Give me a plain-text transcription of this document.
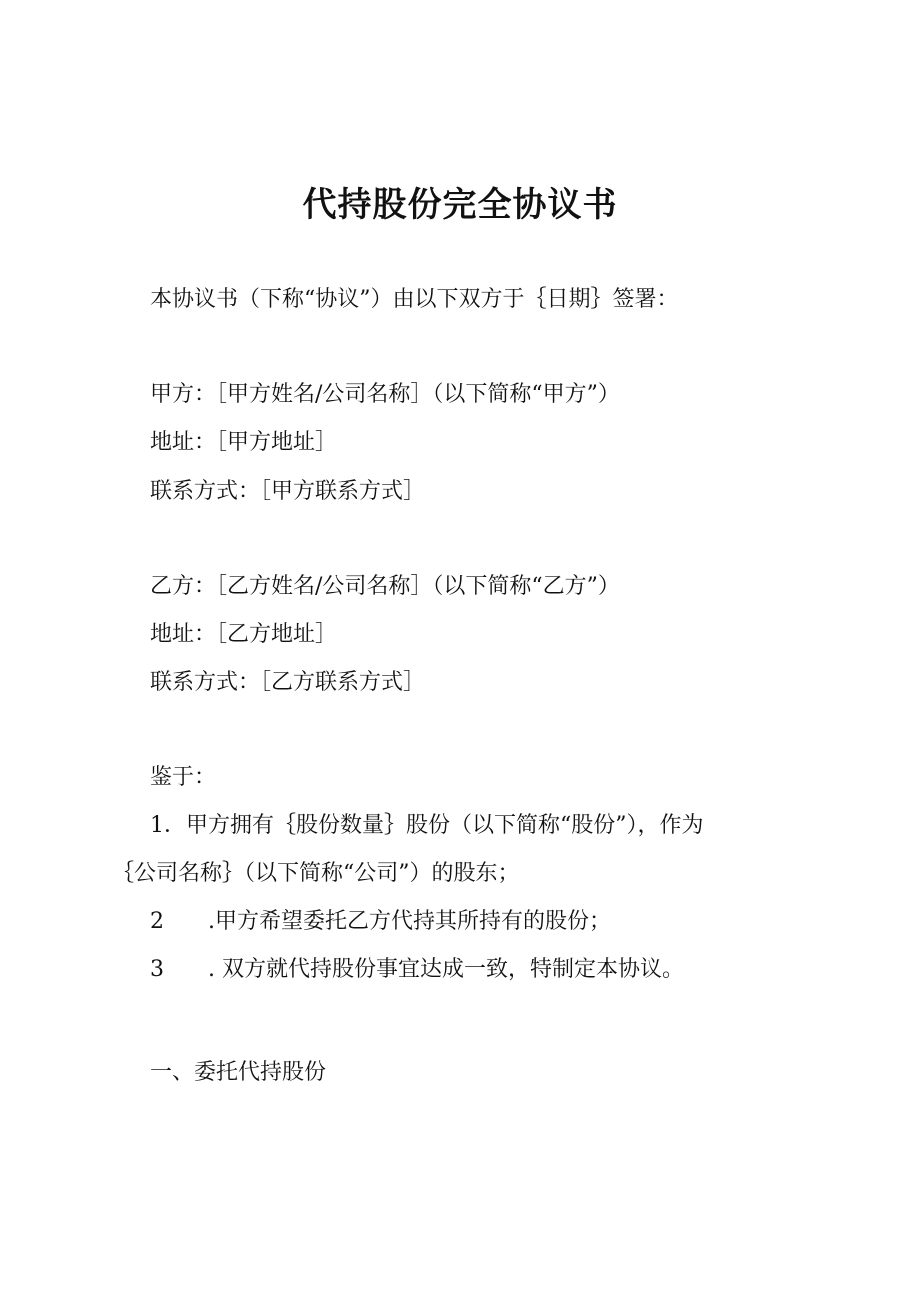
代持股份完全协议书
本协议书（下称“协议”）由以下双方于｛日期｝签署：
甲方：［甲方姓名/公司名称］（以下简称“甲方”）
地址：［甲方地址］
联系方式：［甲方联系方式］
乙方：［乙方姓名/公司名称］（以下简称“乙方”）
地址：［乙方地址］
联系方式：［乙方联系方式］
鉴于：
1．甲方拥有｛股份数量｝股份（以下简称“股份”），作为
｛公司名称｝（以下简称“公司”）的股东；
2 .甲方希望委托乙方代持其所持有的股份；
3 . 双方就代持股份事宜达成一致，特制定本协议。
一、委托代持股份
